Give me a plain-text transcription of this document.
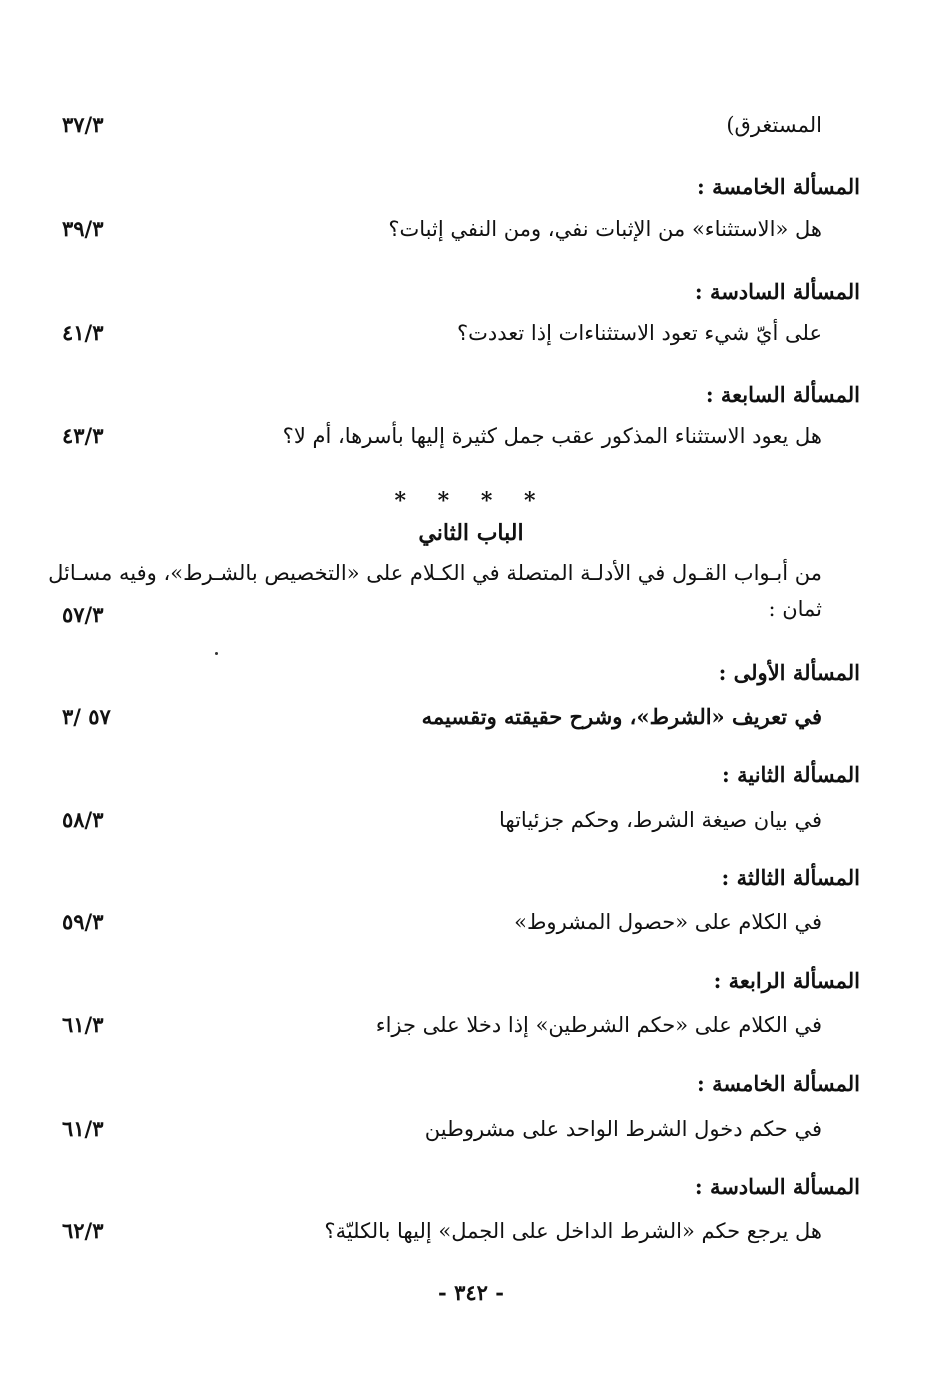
المستغرق)
٣٧/٣
المسألة الخامسة :
هل «الاستثناء» من الإثبات نفي، ومن النفي إثبات؟
٣٩/٣
المسألة السادسة :
على أيّ شيء تعود الاستثناءات إذا تعددت؟
٤١/٣
المسألة السابعة :
هل يعود الاستثناء المذكور عقب جمل كثيرة إليها بأسرها، أم لا؟
٤٣/٣
* * * *
الباب الثاني
من أبـواب القـول في الأدلـة المتصلة في الكـلام على «التخصيص بالشـرط»، وفيه مسـائل
ثمان :
٥٧/٣
المسألة الأولى :
في تعريف «الشرط»، وشرح حقيقته وتقسيمه
٥٧ /٣
المسألة الثانية :
في بيان صيغة الشرط، وحكم جزئياتها
٥٨/٣
المسألة الثالثة :
في الكلام على «حصول المشروط»
٥٩/٣
المسألة الرابعة :
في الكلام على «حكم الشرطين» إذا دخلا على جزاء
٦١/٣
المسألة الخامسة :
في حكم دخول الشرط الواحد على مشروطين
٦١/٣
المسألة السادسة :
هل يرجع حكم «الشرط الداخل على الجمل» إليها بالكليّة؟
٦٢/٣
- ٣٤٢ -
